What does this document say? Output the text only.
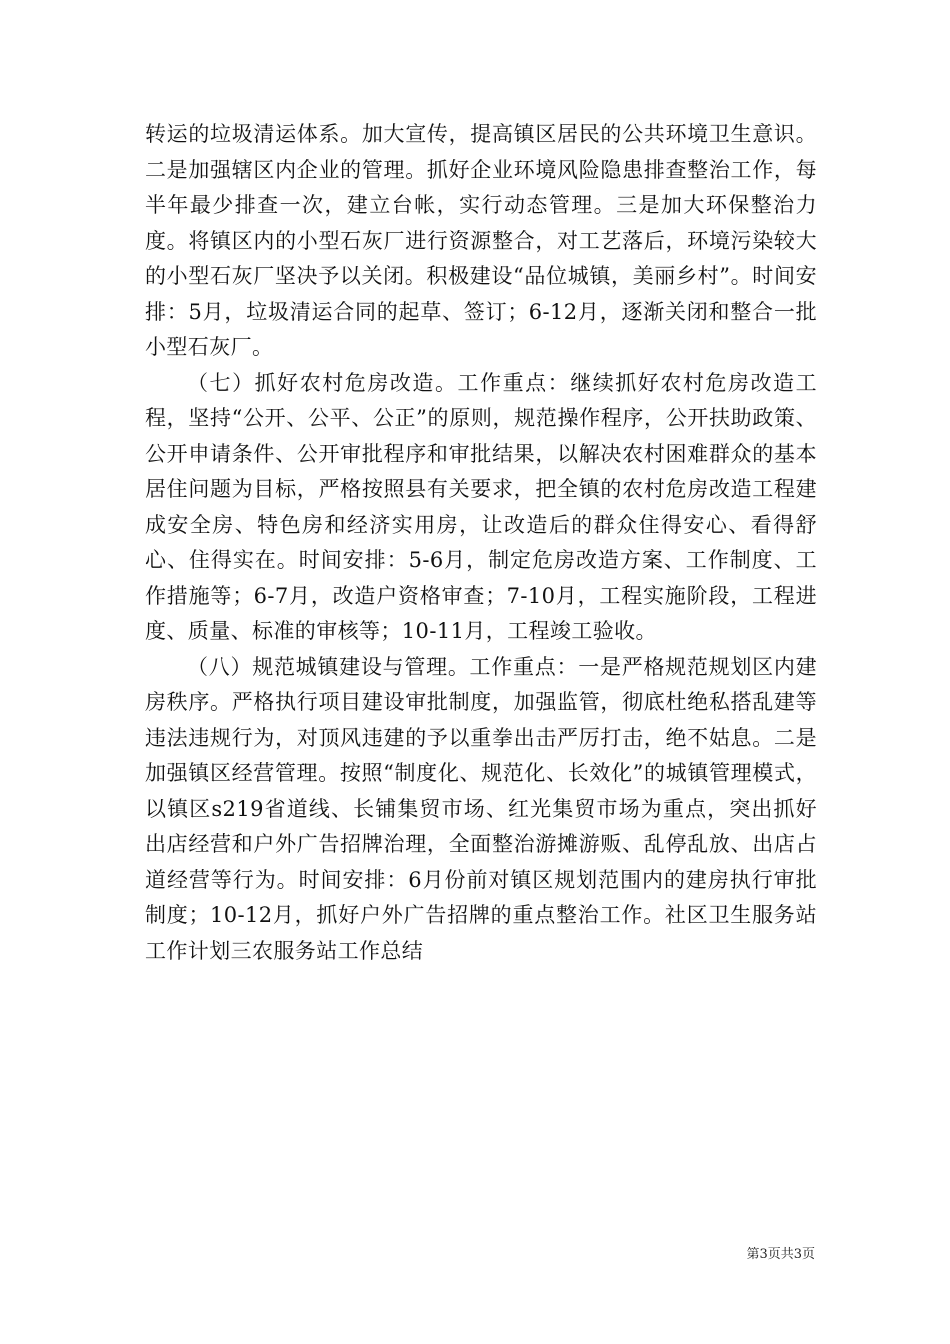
转运的垃圾清运体系。加大宣传，提高镇区居民的公共环境卫生意识。二是加强辖区内企业的管理。抓好企业环境风险隐患排查整治工作，每半年最少排查一次，建立台帐，实行动态管理。三是加大环保整治力度。将镇区内的小型石灰厂进行资源整合，对工艺落后，环境污染较大的小型石灰厂坚决予以关闭。积极建设“品位城镇，美丽乡村”。时间安排：5月，垃圾清运合同的起草、签订；6-12月，逐渐关闭和整合一批小型石灰厂。

（七）抓好农村危房改造。工作重点：继续抓好农村危房改造工程，坚持“公开、公平、公正”的原则，规范操作程序，公开扶助政策、公开申请条件、公开审批程序和审批结果，以解决农村困难群众的基本居住问题为目标，严格按照县有关要求，把全镇的农村危房改造工程建成安全房、特色房和经济实用房，让改造后的群众住得安心、看得舒心、住得实在。时间安排：5-6月，制定危房改造方案、工作制度、工作措施等；6-7月，改造户资格审查；7-10月，工程实施阶段，工程进度、质量、标准的审核等；10-11月，工程竣工验收。

（八）规范城镇建设与管理。工作重点：一是严格规范规划区内建房秩序。严格执行项目建设审批制度，加强监管，彻底杜绝私搭乱建等违法违规行为，对顶风违建的予以重拳出击严厉打击，绝不姑息。二是加强镇区经营管理。按照“制度化、规范化、长效化”的城镇管理模式，以镇区s219省道线、长铺集贸市场、红光集贸市场为重点，突出抓好出店经营和户外广告招牌治理，全面整治游摊游贩、乱停乱放、出店占道经营等行为。时间安排：6月份前对镇区规划范围内的建房执行审批制度；10-12月，抓好户外广告招牌的重点整治工作。社区卫生服务站工作计划三农服务站工作总结

第3页共3页
